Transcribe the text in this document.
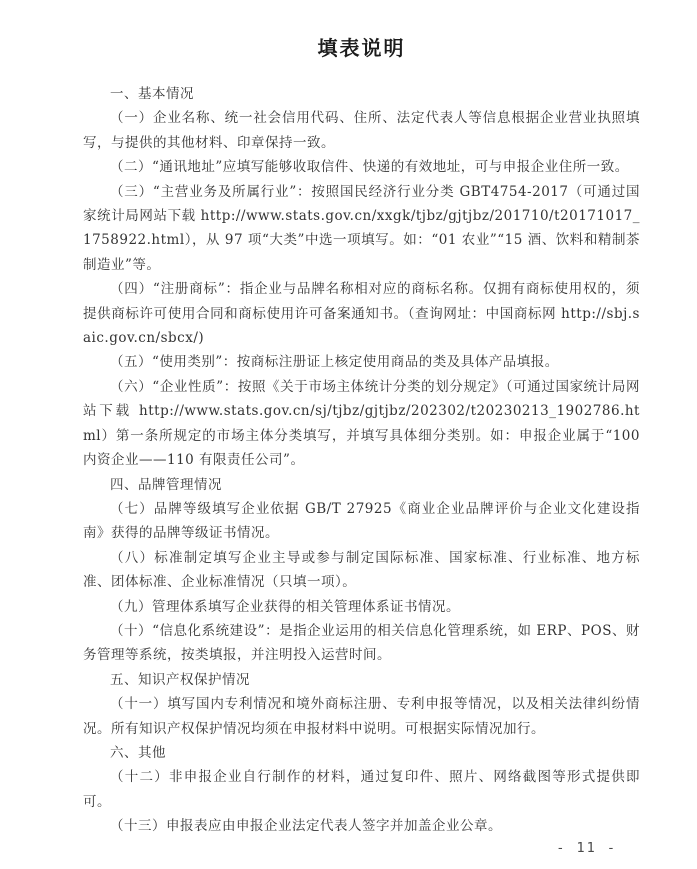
填表说明
一、基本情况

（一）企业名称、统一社会信用代码、住所、法定代表人等信息根据企业营业执照填写，与提供的其他材料、印章保持一致。

（二）“通讯地址”应填写能够收取信件、快递的有效地址，可与申报企业住所一致。

（三）“主营业务及所属行业”：按照国民经济行业分类 GBT4754-2017（可通过国家统计局网站下载 http://www.stats.gov.cn/xxgk/tjbz/gjtjbz/201710/t20171017_1758922.html），从 97 项“大类”中选一项填写。如：“01 农业”“15 酒、饮料和精制茶制造业”等。

（四）“注册商标”：指企业与品牌名称相对应的商标名称。仅拥有商标使用权的，须提供商标许可使用合同和商标使用许可备案通知书。（查询网址：中国商标网 http://sbj.saic.gov.cn/sbcx/)

（五）“使用类别”：按商标注册证上核定使用商品的类及具体产品填报。

（六）“企业性质”：按照《关于市场主体统计分类的划分规定》（可通过国家统计局网站下载 http://www.stats.gov.cn/sj/tjbz/gjtjbz/202302/t20230213_1902786.html）第一条所规定的市场主体分类填写，并填写具体细分类别。如：申报企业属于“100 内资企业——110 有限责任公司”。

四、品牌管理情况

（七）品牌等级填写企业依据 GB/T 27925《商业企业品牌评价与企业文化建设指南》获得的品牌等级证书情况。

（八）标准制定填写企业主导或参与制定国际标准、国家标准、行业标准、地方标准、团体标准、企业标准情况（只填一项）。

（九）管理体系填写企业获得的相关管理体系证书情况。

（十）“信息化系统建设”：是指企业运用的相关信息化管理系统，如 ERP、POS、财务管理等系统，按类填报，并注明投入运营时间。

五、知识产权保护情况

（十一）填写国内专利情况和境外商标注册、专利申报等情况，以及相关法律纠纷情况。所有知识产权保护情况均须在申报材料中说明。可根据实际情况加行。

六、其他

（十二）非申报企业自行制作的材料，通过复印件、照片、网络截图等形式提供即可。

（十三）申报表应由申报企业法定代表人签字并加盖企业公章。

- 11 -
